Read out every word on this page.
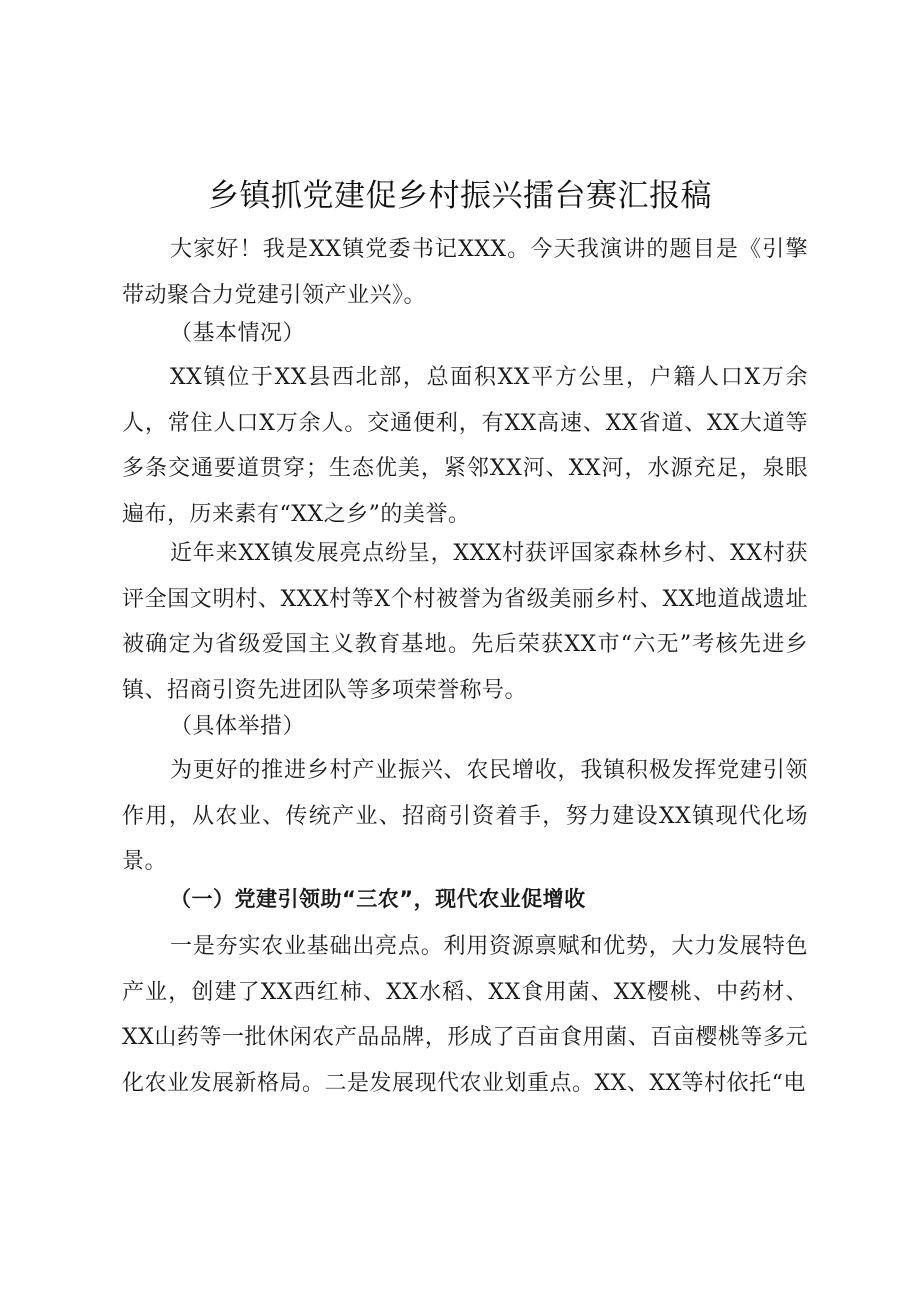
乡镇抓党建促乡村振兴擂台赛汇报稿
大家好！我是XX镇党委书记XXX。今天我演讲的题目是《引擎带动聚合力党建引领产业兴》。
（基本情况）
XX镇位于XX县西北部，总面积XX平方公里，户籍人口X万余人，常住人口X万余人。交通便利，有XX高速、XX省道、XX大道等多条交通要道贯穿；生态优美，紧邻XX河、XX河，水源充足，泉眼遍布，历来素有“XX之乡”的美誉。
近年来XX镇发展亮点纷呈，XXX村获评国家森林乡村、XX村获评全国文明村、XXX村等X个村被誉为省级美丽乡村、XX地道战遗址被确定为省级爱国主义教育基地。先后荣获XX市“六无”考核先进乡镇、招商引资先进团队等多项荣誉称号。
（具体举措）
为更好的推进乡村产业振兴、农民增收，我镇积极发挥党建引领作用，从农业、传统产业、招商引资着手，努力建设XX镇现代化场景。
（一）党建引领助“三农”，现代农业促增收
一是夯实农业基础出亮点。利用资源禀赋和优势，大力发展特色产业，创建了XX西红柿、XX水稻、XX食用菌、XX樱桃、中药材、XX山药等一批休闲农产品品牌，形成了百亩食用菌、百亩樱桃等多元化农业发展新格局。二是发展现代农业划重点。XX、XX等村依托“电
